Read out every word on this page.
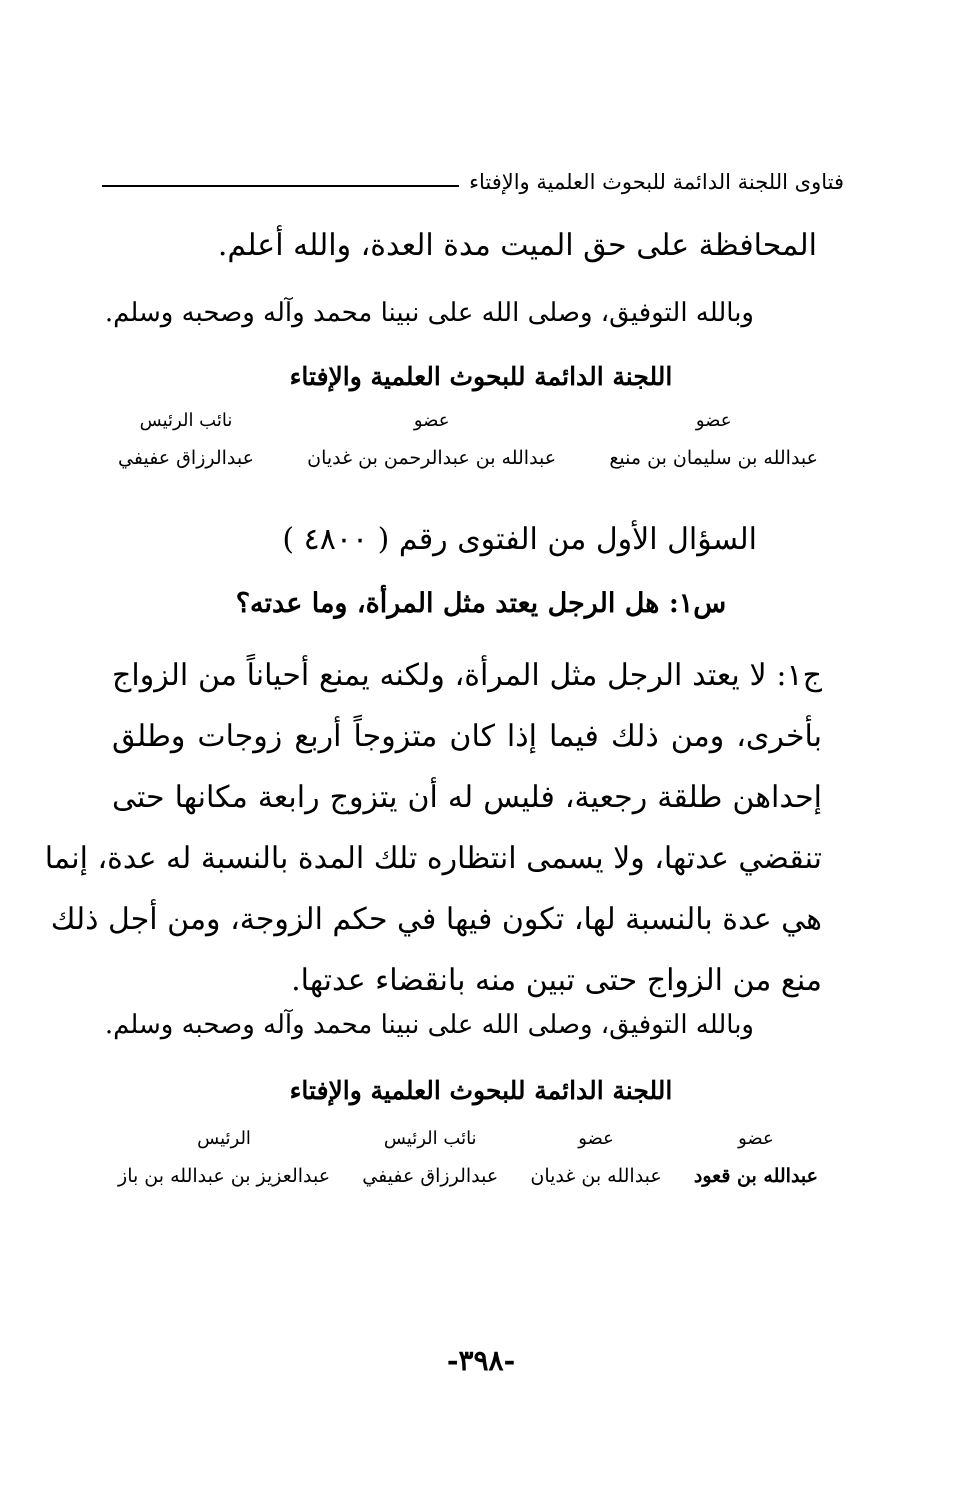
فتاوى اللجنة الدائمة للبحوث العلمية والإفتاء
المحافظة على حق الميت مدة العدة، والله أعلم.
وبالله التوفيق، وصلى الله على نبينا محمد وآله وصحبه وسلم.
اللجنة الدائمة للبحوث العلمية والإفتاء
عضو
عبدالله بن سليمان بن منيع
عضو
عبدالله بن عبدالرحمن بن غديان
نائب الرئيس
عبدالرزاق عفيفي
السؤال الأول من الفتوى رقم ( ٤٨٠٠ )
س١: هل الرجل يعتد مثل المرأة، وما عدته؟
ج١: لا يعتد الرجل مثل المرأة، ولكنه يمنع أحياناً من الزواج
بأخرى، ومن ذلك فيما إذا كان متزوجاً أربع زوجات وطلق
إحداهن طلقة رجعية، فليس له أن يتزوج رابعة مكانها حتى
تنقضي عدتها، ولا يسمى انتظاره تلك المدة بالنسبة له عدة، إنما
هي عدة بالنسبة لها، تكون فيها في حكم الزوجة، ومن أجل ذلك
منع من الزواج حتى تبين منه بانقضاء عدتها.
وبالله التوفيق، وصلى الله على نبينا محمد وآله وصحبه وسلم.
اللجنة الدائمة للبحوث العلمية والإفتاء
عضو
عبدالله بن قعود
عضو
عبدالله بن غديان
نائب الرئيس
عبدالرزاق عفيفي
الرئيس
عبدالعزيز بن عبدالله بن باز
-٣٩٨-
